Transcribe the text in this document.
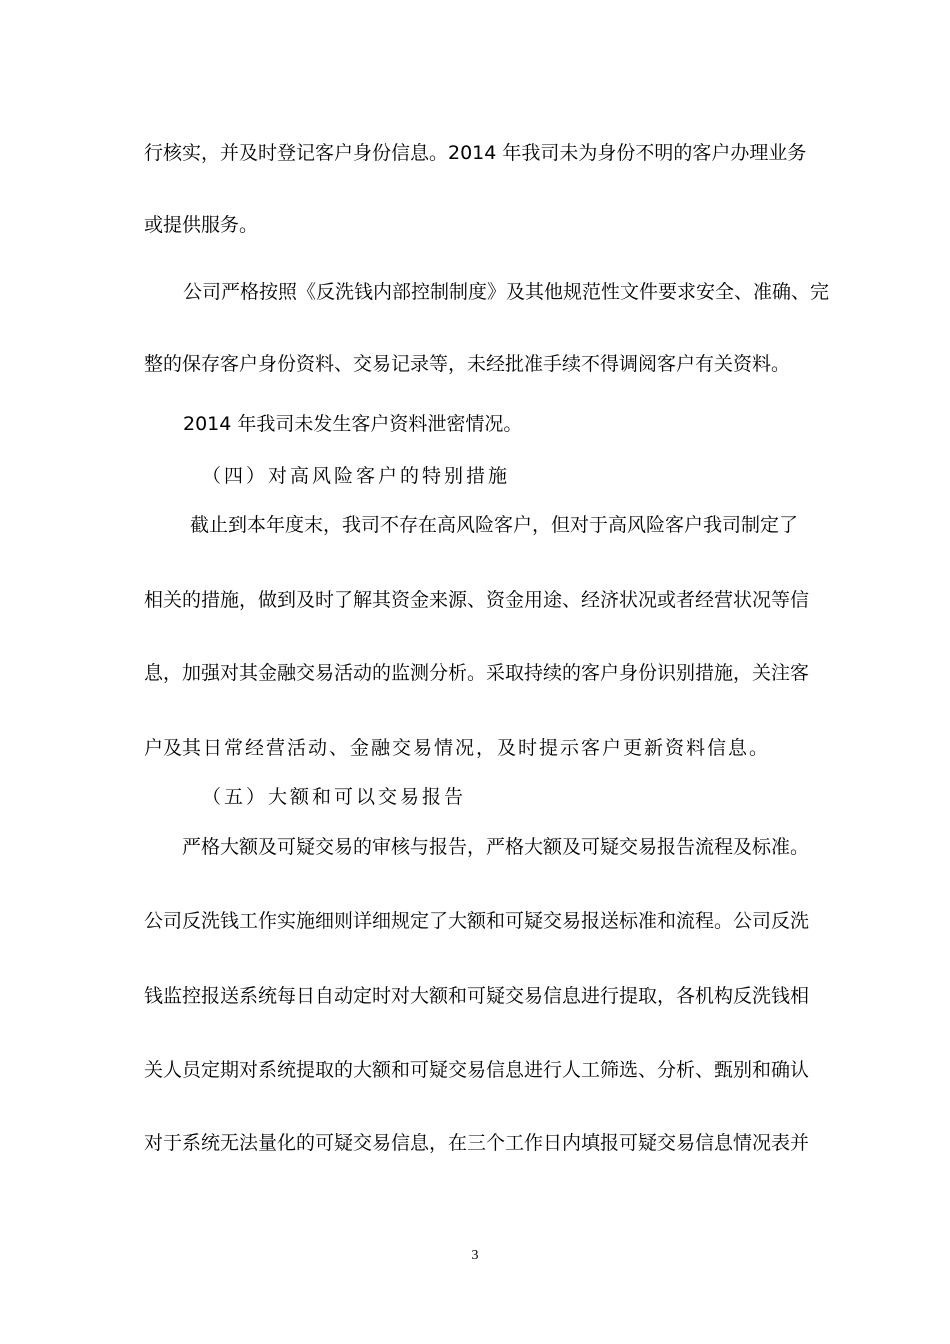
行核实，并及时登记客户身份信息。2014 年我司未为身份不明的客户办理业务
或提供服务。
公司严格按照《反洗钱内部控制制度》及其他规范性文件要求安全、准确、完
整的保存客户身份资料、交易记录等，未经批准手续不得调阅客户有关资料。
2014 年我司未发生客户资料泄密情况。
（四）对高风险客户的特别措施
截止到本年度末，我司不存在高风险客户，但对于高风险客户我司制定了
相关的措施，做到及时了解其资金来源、资金用途、经济状况或者经营状况等信
息，加强对其金融交易活动的监测分析。采取持续的客户身份识别措施，关注客
户及 其日常经营活动、金融交易情况，及时提示客户更新资料信息。
（五）大额和可以交易报告
严格大额及可疑交易的审核与报告，严格大额及可疑交易报告流程及标准。
公司反洗钱工作实施细则详细规定了大额和可疑交易报送标准和流程。公司反洗
钱监控报送系统每日自动定时对大额和可疑交易信息进行提取，各机构反洗钱相
关人员定期对系统提取的大额和可疑交易信息进行人工筛选、分析、甄别和确认
对于系统无法量化的可疑交易信息，在三个工作日内填报可疑交易信息情况表并
3
